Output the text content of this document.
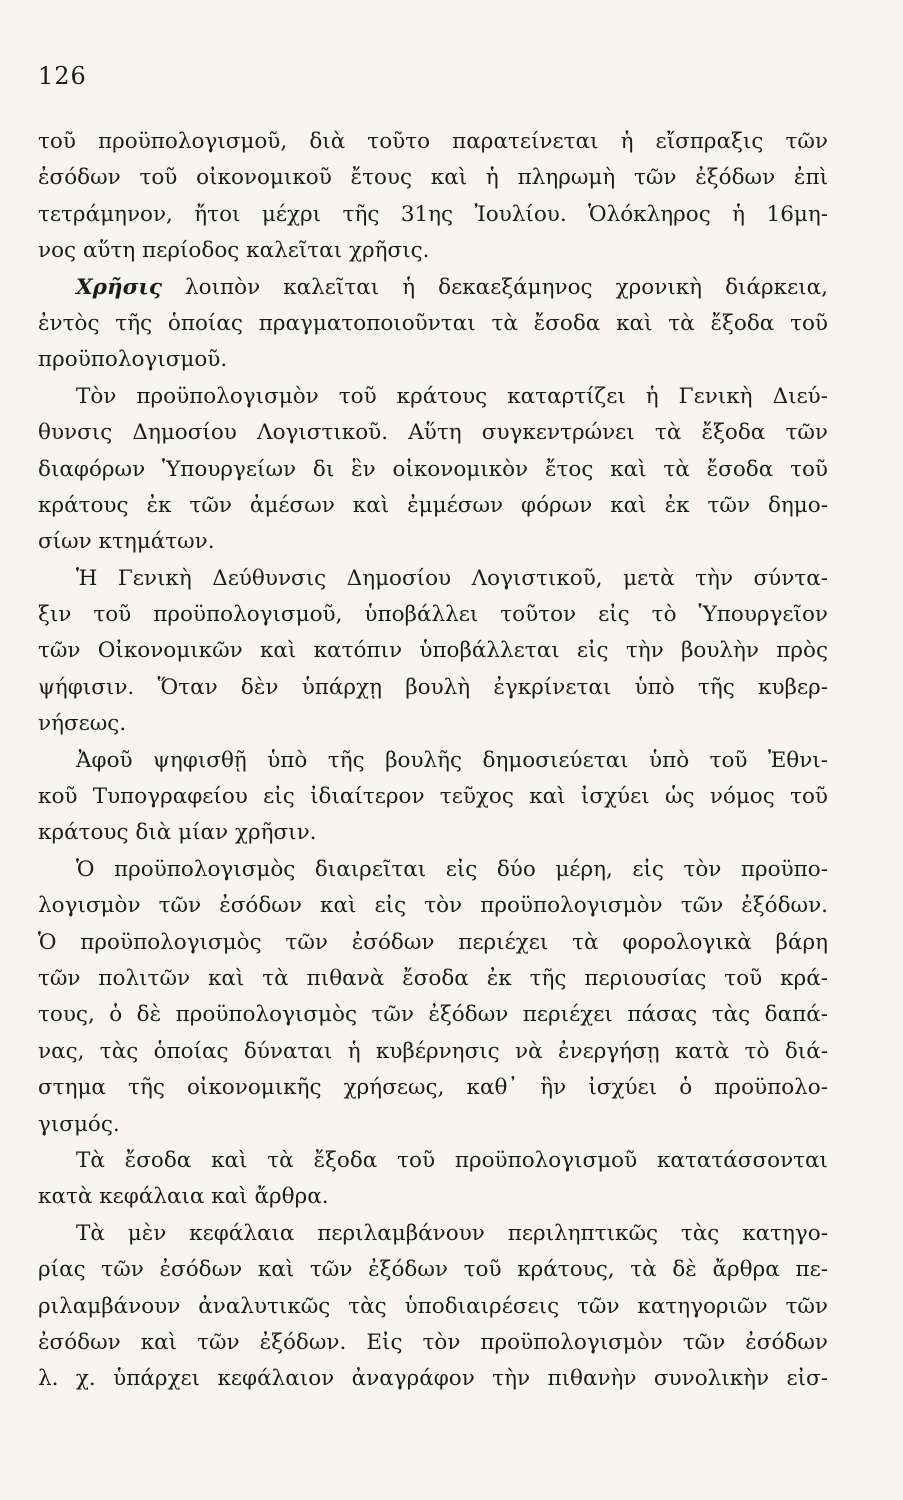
126
τοῦ προϋπολογισμοῦ, διὰ τοῦτο παρατείνεται ἡ εἴσπραξις τῶν
ἐσόδων τοῦ οἰκονομικοῦ ἔτους καὶ ἡ πληρωμὴ τῶν ἐξόδων ἐπὶ
τετράμηνον, ἤτοι μέχρι τῆς 31ης Ἰουλίου. Ὁλόκληρος ἡ 16μη-
νος αὕτη περίοδος καλεῖται χρῆσις.
Χρῆσις λοιπὸν καλεῖται ἡ δεκαεξάμηνος χρονικὴ διάρκεια,
ἐντὸς τῆς ὁποίας πραγματοποιοῦνται τὰ ἔσοδα καὶ τὰ ἔξοδα τοῦ
προϋπολογισμοῦ.
Τὸν προϋπολογισμὸν τοῦ κράτους καταρτίζει ἡ Γενικὴ Διεύ-
θυνσις Δημοσίου Λογιστικοῦ. Αὕτη συγκεντρώνει τὰ ἔξοδα τῶν
διαφόρων Ὑπουργείων δι ἓν οἰκονομικὸν ἔτος καὶ τὰ ἔσοδα τοῦ
κράτους ἐκ τῶν ἀμέσων καὶ ἐμμέσων φόρων καὶ ἐκ τῶν δημο-
σίων κτημάτων.
Ἡ Γενικὴ Δεύθυνσις Δημοσίου Λογιστικοῦ, μετὰ τὴν σύντα-
ξιν τοῦ προϋπολογισμοῦ, ὑποβάλλει τοῦτον εἰς τὸ Ὑπουργεῖον
τῶν Οἰκονομικῶν καὶ κατόπιν ὑποβάλλεται εἰς τὴν βουλὴν πρὸς
ψήφισιν. Ὅταν δὲν ὑπάρχῃ βουλὴ ἐγκρίνεται ὑπὸ τῆς κυβερ-
νήσεως.
Ἀφοῦ ψηφισθῇ ὑπὸ τῆς βουλῆς δημοσιεύεται ὑπὸ τοῦ Ἐθνι-
κοῦ Τυπογραφείου εἰς ἰδιαίτερον τεῦχος καὶ ἰσχύει ὡς νόμος τοῦ
κράτους διὰ μίαν χρῆσιν.
Ὁ προϋπολογισμὸς διαιρεῖται εἰς δύο μέρη, εἰς τὸν προϋπο-
λογισμὸν τῶν ἐσόδων καὶ εἰς τὸν προϋπολογισμὸν τῶν ἐξόδων.
Ὁ προϋπολογισμὸς τῶν ἐσόδων περιέχει τὰ φορολογικὰ βάρη
τῶν πολιτῶν καὶ τὰ πιθανὰ ἔσοδα ἐκ τῆς περιουσίας τοῦ κρά-
τους, ὁ δὲ προϋπολογισμὸς τῶν ἐξόδων περιέχει πάσας τὰς δαπά-
νας, τὰς ὁποίας δύναται ἡ κυβέρνησις νὰ ἐνεργήσῃ κατὰ τὸ διά-
στημα τῆς οἰκονομικῆς χρήσεως, καθ᾿ ἣν ἰσχύει ὁ προϋπολο-
γισμός.
Τὰ ἔσοδα καὶ τὰ ἔξοδα τοῦ προϋπολογισμοῦ κατατάσσονται
κατὰ κεφάλαια καὶ ἄρθρα.
Τὰ μὲν κεφάλαια περιλαμβάνουν περιληπτικῶς τὰς κατηγο-
ρίας τῶν ἐσόδων καὶ τῶν ἐξόδων τοῦ κράτους, τὰ δὲ ἄρθρα πε-
ριλαμβάνουν ἀναλυτικῶς τὰς ὑποδιαιρέσεις τῶν κατηγοριῶν τῶν
ἐσόδων καὶ τῶν ἐξόδων. Εἰς τὸν προϋπολογισμὸν τῶν ἐσόδων
λ. χ. ὑπάρχει κεφάλαιον ἀναγράφον τὴν πιθανὴν συνολικὴν εἰσ-
